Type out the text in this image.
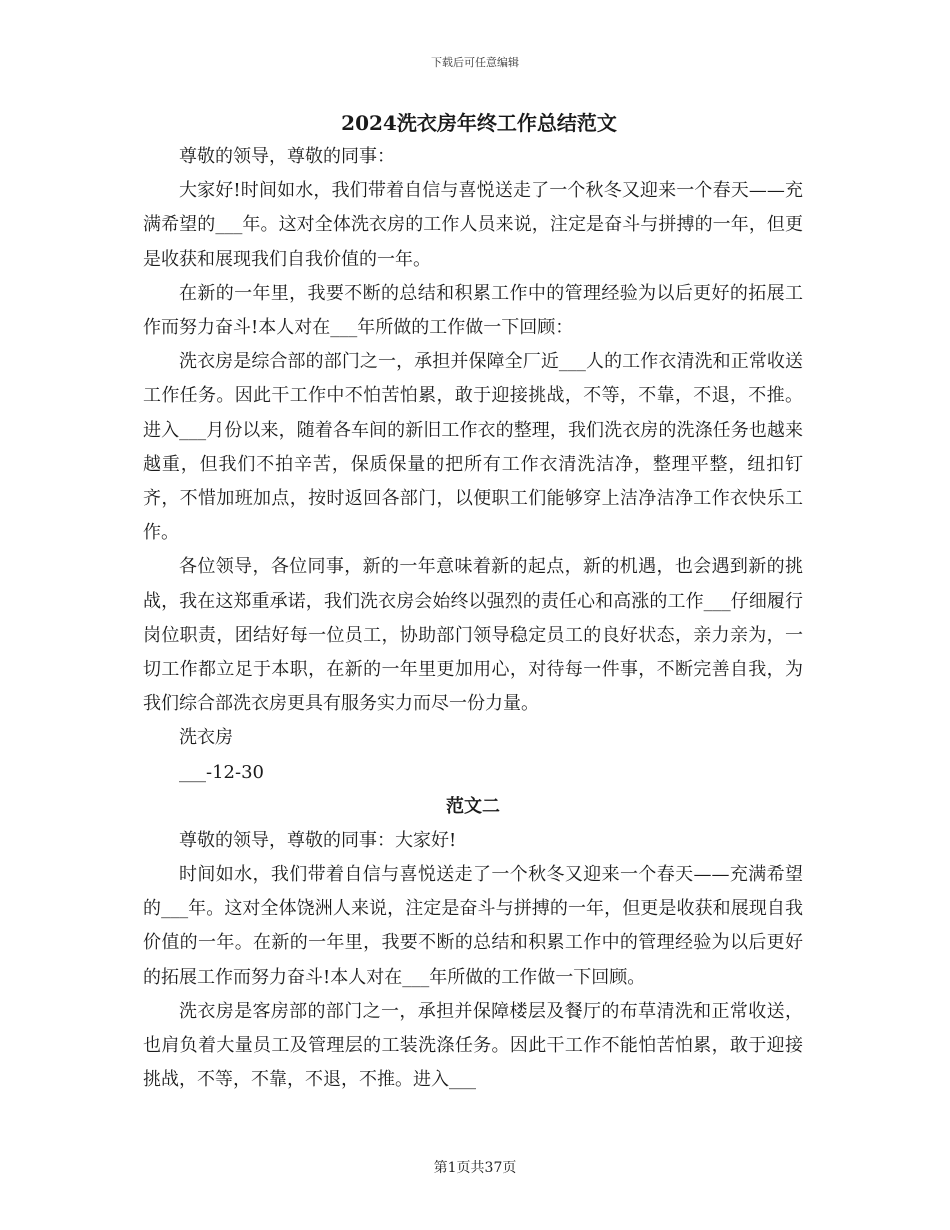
下载后可任意编辑
2024洗衣房年终工作总结范文

尊敬的领导，尊敬的同事：

大家好!时间如水，我们带着自信与喜悦送走了一个秋冬又迎来一个春天——充满希望的___年。这对全体洗衣房的工作人员来说，注定是奋斗与拼搏的一年，但更是收获和展现我们自我价值的一年。

在新的一年里，我要不断的总结和积累工作中的管理经验为以后更好的拓展工作而努力奋斗!本人对在___年所做的工作做一下回顾：

洗衣房是综合部的部门之一，承担并保障全厂近___人的工作衣清洗和正常收送工作任务。因此干工作中不怕苦怕累，敢于迎接挑战，不等，不靠，不退，不推。进入___月份以来，随着各车间的新旧工作衣的整理，我们洗衣房的洗涤任务也越来越重，但我们不拍辛苦，保质保量的把所有工作衣清洗洁净，整理平整，纽扣钉齐，不惜加班加点，按时返回各部门，以便职工们能够穿上洁净洁净工作衣快乐工作。

各位领导，各位同事，新的一年意味着新的起点，新的机遇，也会遇到新的挑战，我在这郑重承诺，我们洗衣房会始终以强烈的责任心和高涨的工作___仔细履行岗位职责，团结好每一位员工，协助部门领导稳定员工的良好状态，亲力亲为，一切工作都立足于本职，在新的一年里更加用心，对待每一件事，不断完善自我，为我们综合部洗衣房更具有服务实力而尽一份力量。

洗衣房

___-12-30

范文二

尊敬的领导，尊敬的同事：大家好!

时间如水，我们带着自信与喜悦送走了一个秋冬又迎来一个春天——充满希望的___年。这对全体饶洲人来说，注定是奋斗与拼搏的一年，但更是收获和展现自我价值的一年。在新的一年里，我要不断的总结和积累工作中的管理经验为以后更好的拓展工作而努力奋斗!本人对在___年所做的工作做一下回顾。

洗衣房是客房部的部门之一，承担并保障楼层及餐厅的布草清洗和正常收送，也肩负着大量员工及管理层的工装洗涤任务。因此干工作不能怕苦怕累，敢于迎接挑战，不等，不靠，不退，不推。进入___

第1页共37页
